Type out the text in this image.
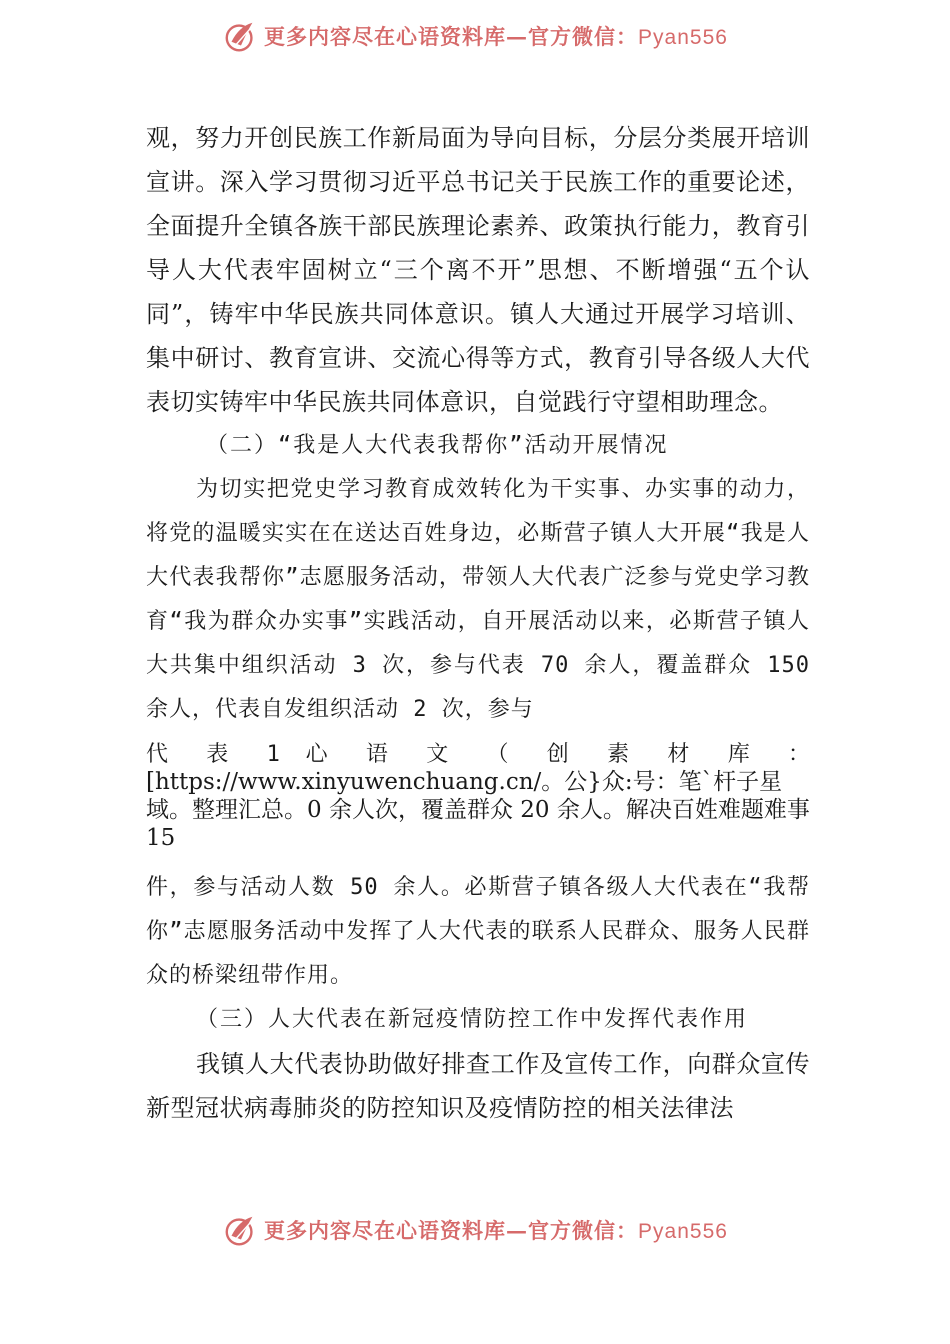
更多内容尽在心语资料库—官方微信：Pyan556

观，努力开创民族工作新局面为导向目标，分层分类展开培训宣讲。深入学习贯彻习近平总书记关于民族工作的重要论述，全面提升全镇各族干部民族理论素养、政策执行能力，教育引导人大代表牢固树立“三个离不开”思想、不断增强“五个认同”，铸牢中华民族共同体意识。镇人大通过开展学习培训、集中研讨、教育宣讲、交流心得等方式，教育引导各级人大代表切实铸牢中华民族共同体意识，自觉践行守望相助理念。

（二）“我是人大代表我帮你”活动开展情况

为切实把党史学习教育成效转化为干实事、办实事的动力，将党的温暖实实在在送达百姓身边，必斯营子镇人大开展“我是人大代表我帮你”志愿服务活动，带领人大代表广泛参与党史学习教育“我为群众办实事”实践活动，自开展活动以来，必斯营子镇人大共集中组织活动 3 次，参与代表 70 余人，覆盖群众 150 余人，代表自发组织活动 2 次，参与

代 表 1 心 语 文 （ 创 素 材 库 ：

[https://www.xinyuwenchuang.cn/。公}众:号：笔`杆子星域。整理汇总。0 余人次，覆盖群众 20 余人。解决百姓难题难事 15

件，参与活动人数 50 余人。必斯营子镇各级人大代表在“我帮你”志愿服务活动中发挥了人大代表的联系人民群众、服务人民群众的桥梁纽带作用。

（三）人大代表在新冠疫情防控工作中发挥代表作用

我镇人大代表协助做好排查工作及宣传工作，向群众宣传新型冠状病毒肺炎的防控知识及疫情防控的相关法律法

更多内容尽在心语资料库—官方微信：Pyan556
